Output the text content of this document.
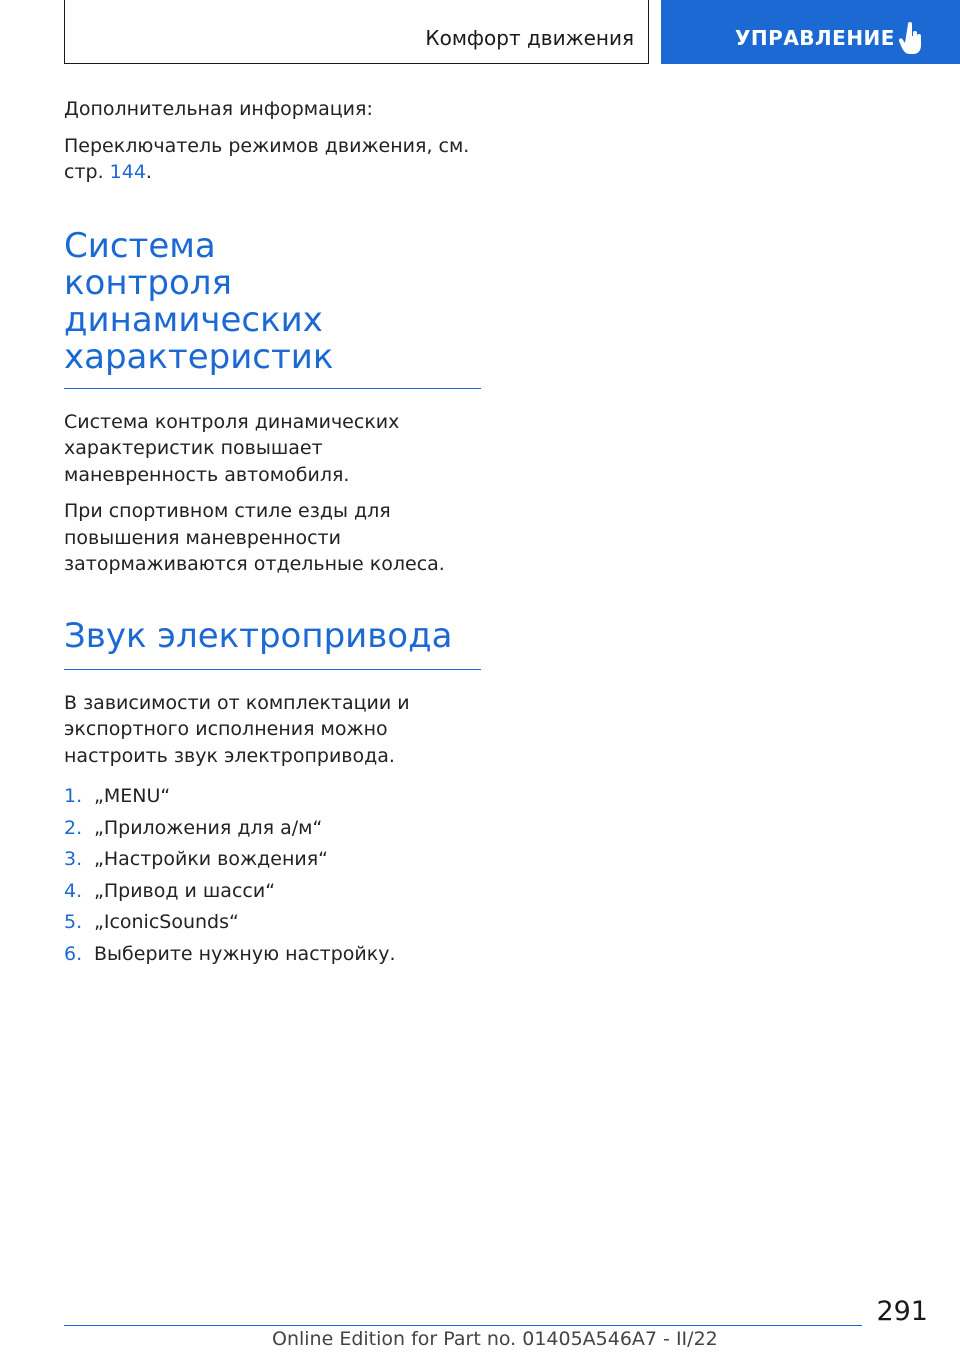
Комфорт движения	УПРАВЛЕНИЕ

Дополнительная информация:

Переключатель режимов движения, см. стр. 144.

Система контроля динамических характеристик

Система контроля динамических характеристик повышает маневренность автомобиля.

При спортивном стиле езды для повышения маневренности затормаживаются отдельные колеса.

Звук электропривода

В зависимости от комплектации и экспортного исполнения можно настроить звук электропривода.

1. „MENU“
2. „Приложения для а/м“
3. „Настройки вождения“
4. „Привод и шасси“
5. „IconicSounds“
6. Выберите нужную настройку.
291
Online Edition for Part no. 01405A546A7 - II/22
